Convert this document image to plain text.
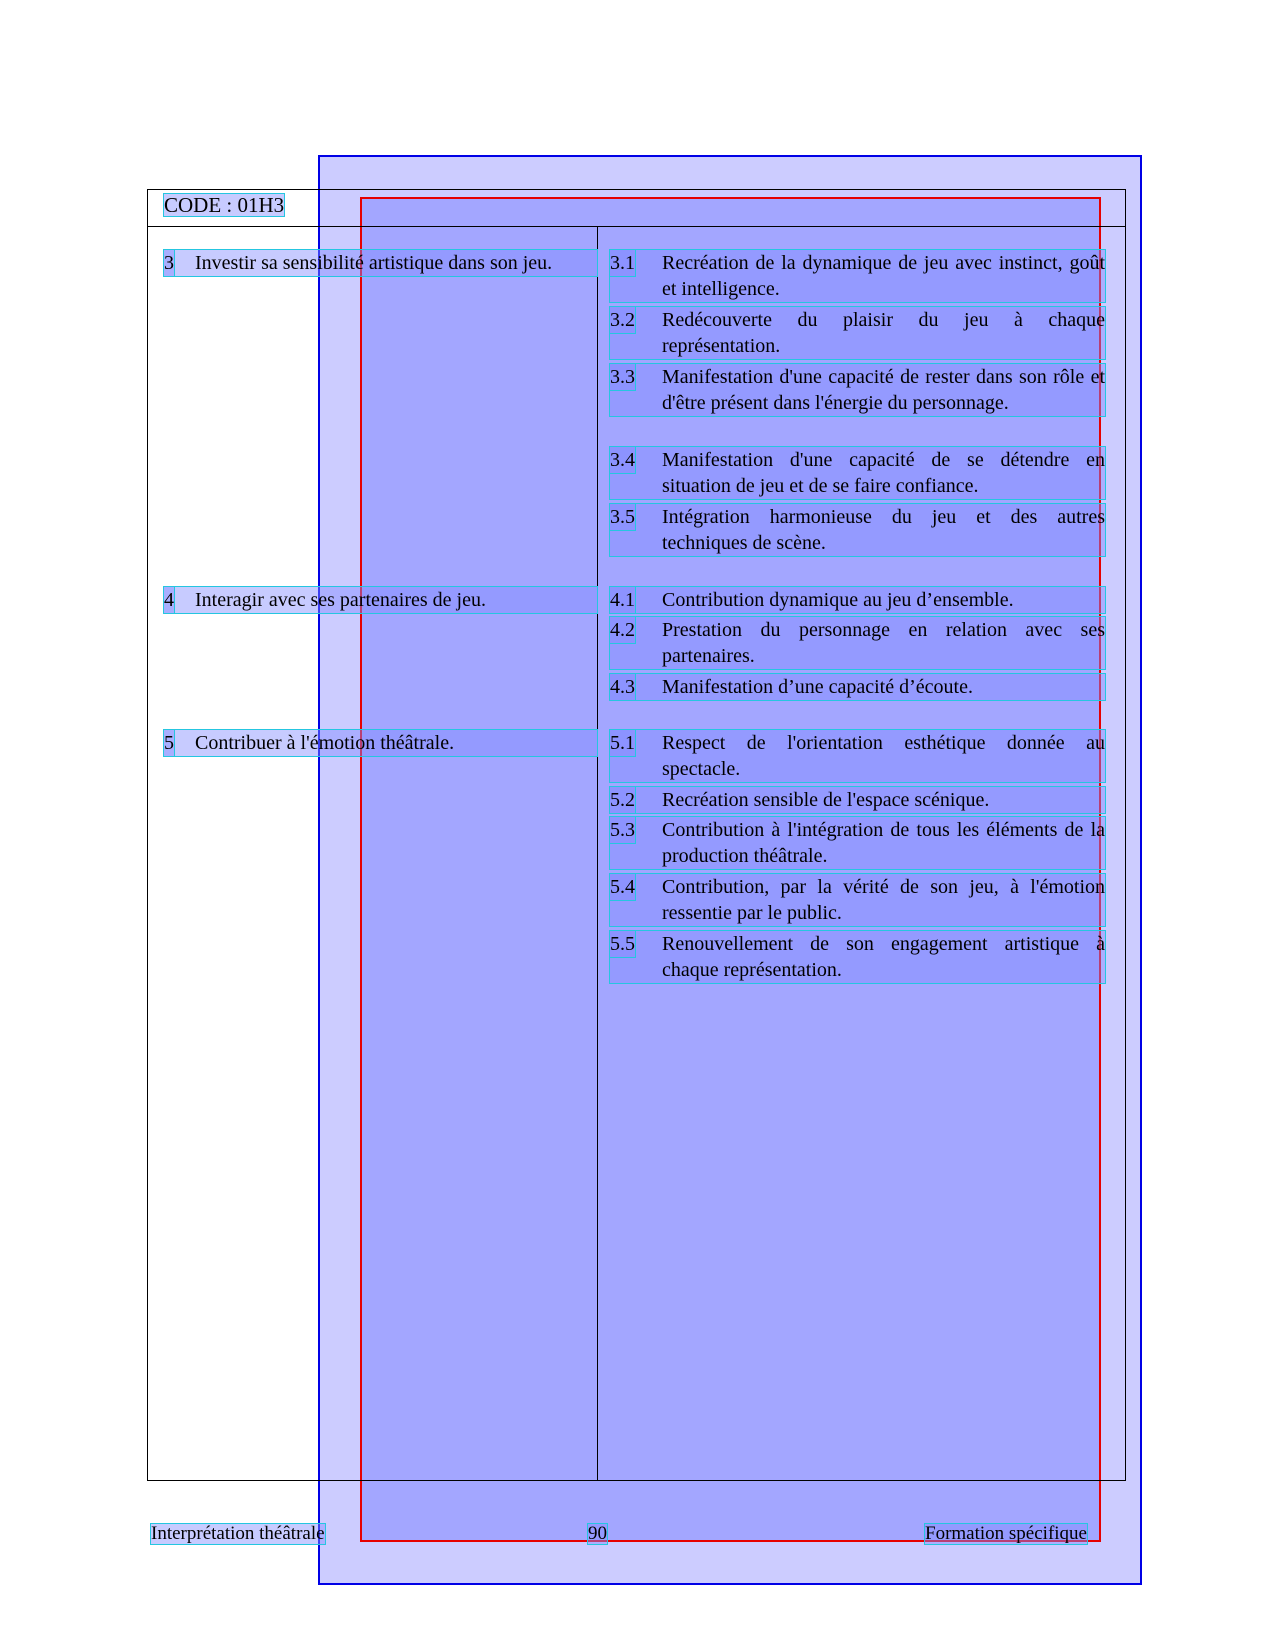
CODE : 01H3
3	Investir sa sensibilité artistique dans son jeu.	3.1	Recréation de la dynamique de jeu avec instinct, goût et intelligence.
3.2	Redécouverte du plaisir du jeu à chaque représentation.
3.3	Manifestation d'une capacité de rester dans son rôle et d'être présent dans l'énergie du personnage.
3.4	Manifestation d'une capacité de se détendre en situation de jeu et de se faire confiance.
3.5	Intégration harmonieuse du jeu et des autres techniques de scène.
4	Interagir avec ses partenaires de jeu.	4.1	Contribution dynamique au jeu d’ensemble.
4.2	Prestation du personnage en relation avec ses partenaires.
4.3	Manifestation d’une capacité d’écoute.
5	Contribuer à l'émotion théâtrale.	5.1	Respect de l'orientation esthétique donnée au spectacle.
5.2	Recréation sensible de l'espace scénique.
5.3	Contribution à l'intégration de tous les éléments de la production théâtrale.
5.4	Contribution, par la vérité de son jeu, à l'émotion ressentie par le public.
5.5	Renouvellement de son engagement artistique à chaque représentation.
Interprétation théâtrale	90	Formation spécifique
